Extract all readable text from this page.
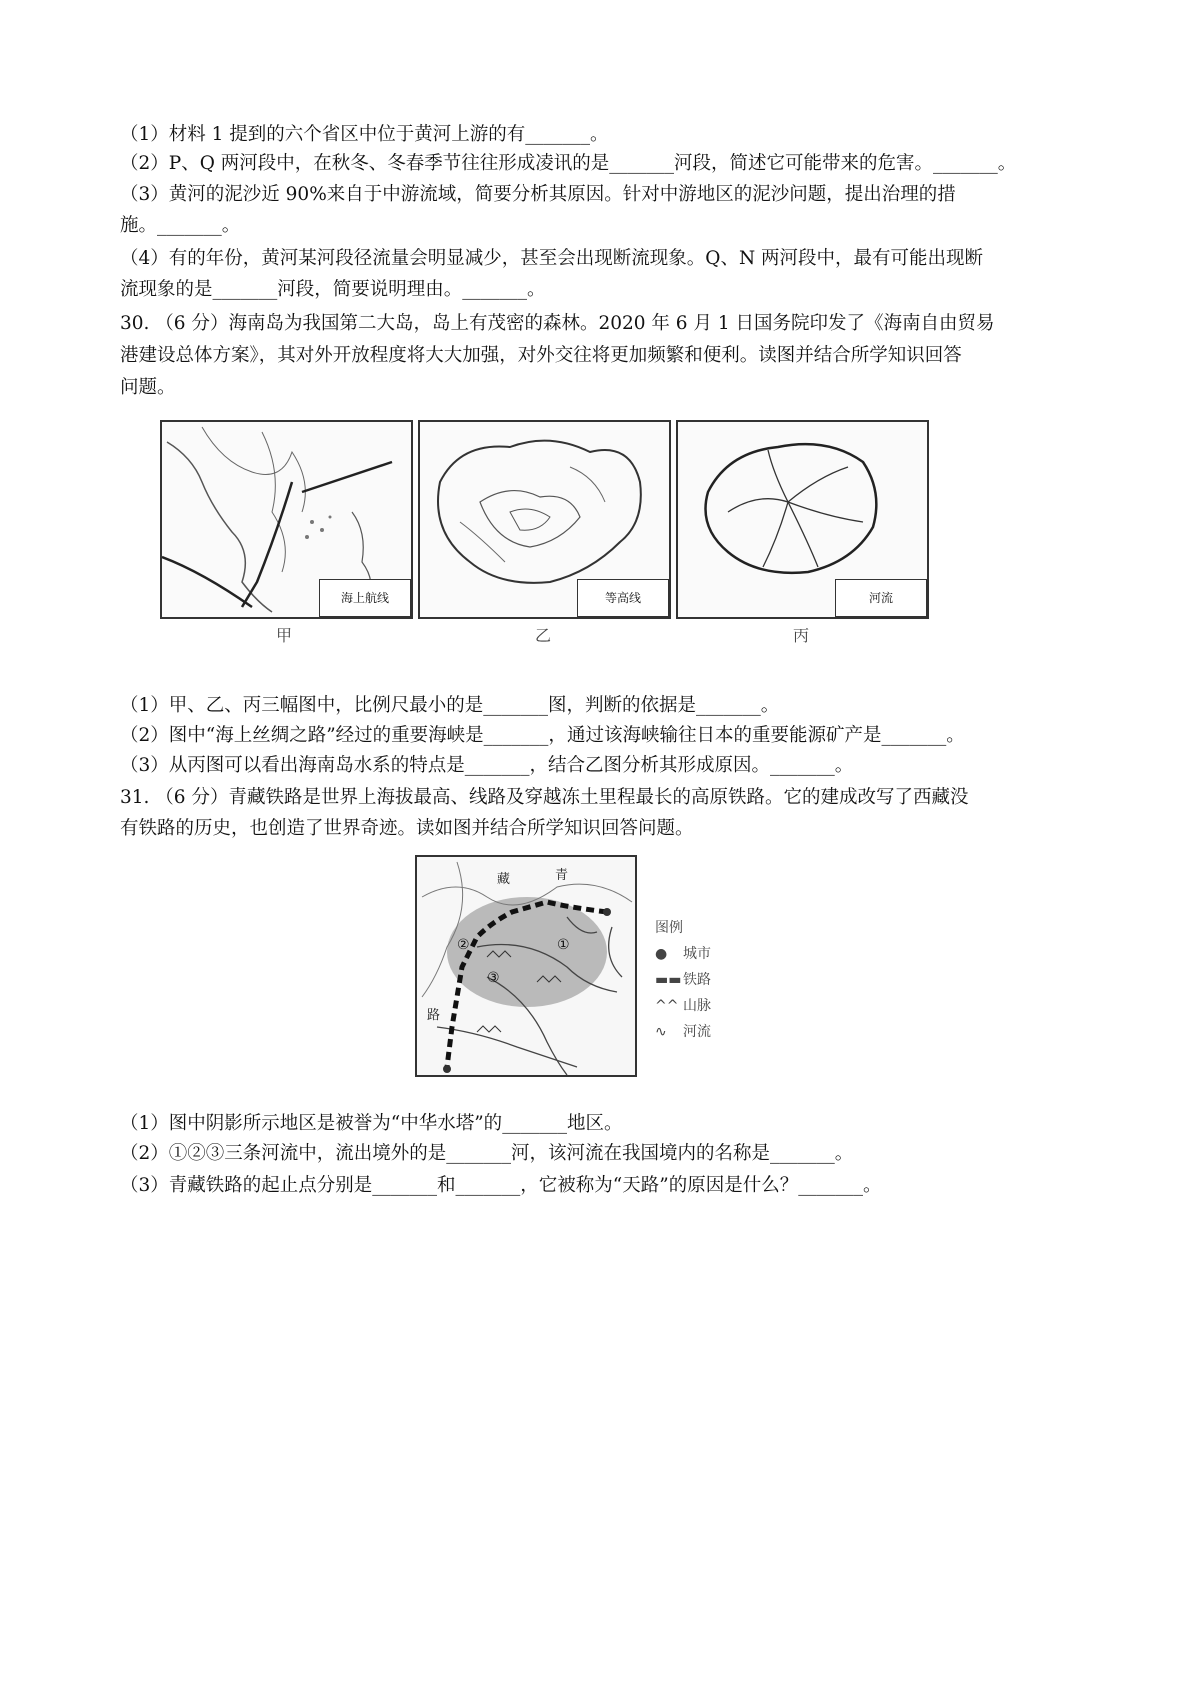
（1）材料 1 提到的六个省区中位于黄河上游的有_______。
（2）P、Q 两河段中，在秋冬、冬春季节往往形成凌讯的是_______河段，简述它可能带来的危害。_______。
（3）黄河的泥沙近 90%来自于中游流域，简要分析其原因。针对中游地区的泥沙问题，提出治理的措
施。_______。
（4）有的年份，黄河某河段径流量会明显减少，甚至会出现断流现象。Q、N 两河段中，最有可能出现断
流现象的是_______河段，简要说明理由。_______。
30. （6 分）海南岛为我国第二大岛，岛上有茂密的森林。2020 年 6 月 1 日国务院印发了《海南自由贸易
港建设总体方案》，其对外开放程度将大大加强，对外交往将更加频繁和便利。读图并结合所学知识回答
问题。
海上航线
甲
等高线
乙
河流
丙
（1）甲、乙、丙三幅图中，比例尺最小的是_______图，判断的依据是_______。
（2）图中“海上丝绸之路”经过的重要海峡是_______，通过该海峡输往日本的重要能源矿产是_______。
（3）从丙图可以看出海南岛水系的特点是_______，结合乙图分析其形成原因。_______。
31. （6 分）青藏铁路是世界上海拔最高、线路及穿越冻土里程最长的高原铁路。它的建成改写了西藏没
有铁路的历史，也创造了世界奇迹。读如图并结合所学知识回答问题。
藏	青
路
①
②
③
图例
● 城市
▬▬ 铁路
^^ 山脉
∿ 河流
（1）图中阴影所示地区是被誉为“中华水塔”的_______地区。
（2）①②③三条河流中，流出境外的是_______河，该河流在我国境内的名称是_______。
（3）青藏铁路的起止点分别是_______和_______，它被称为“天路”的原因是什么？_______。
